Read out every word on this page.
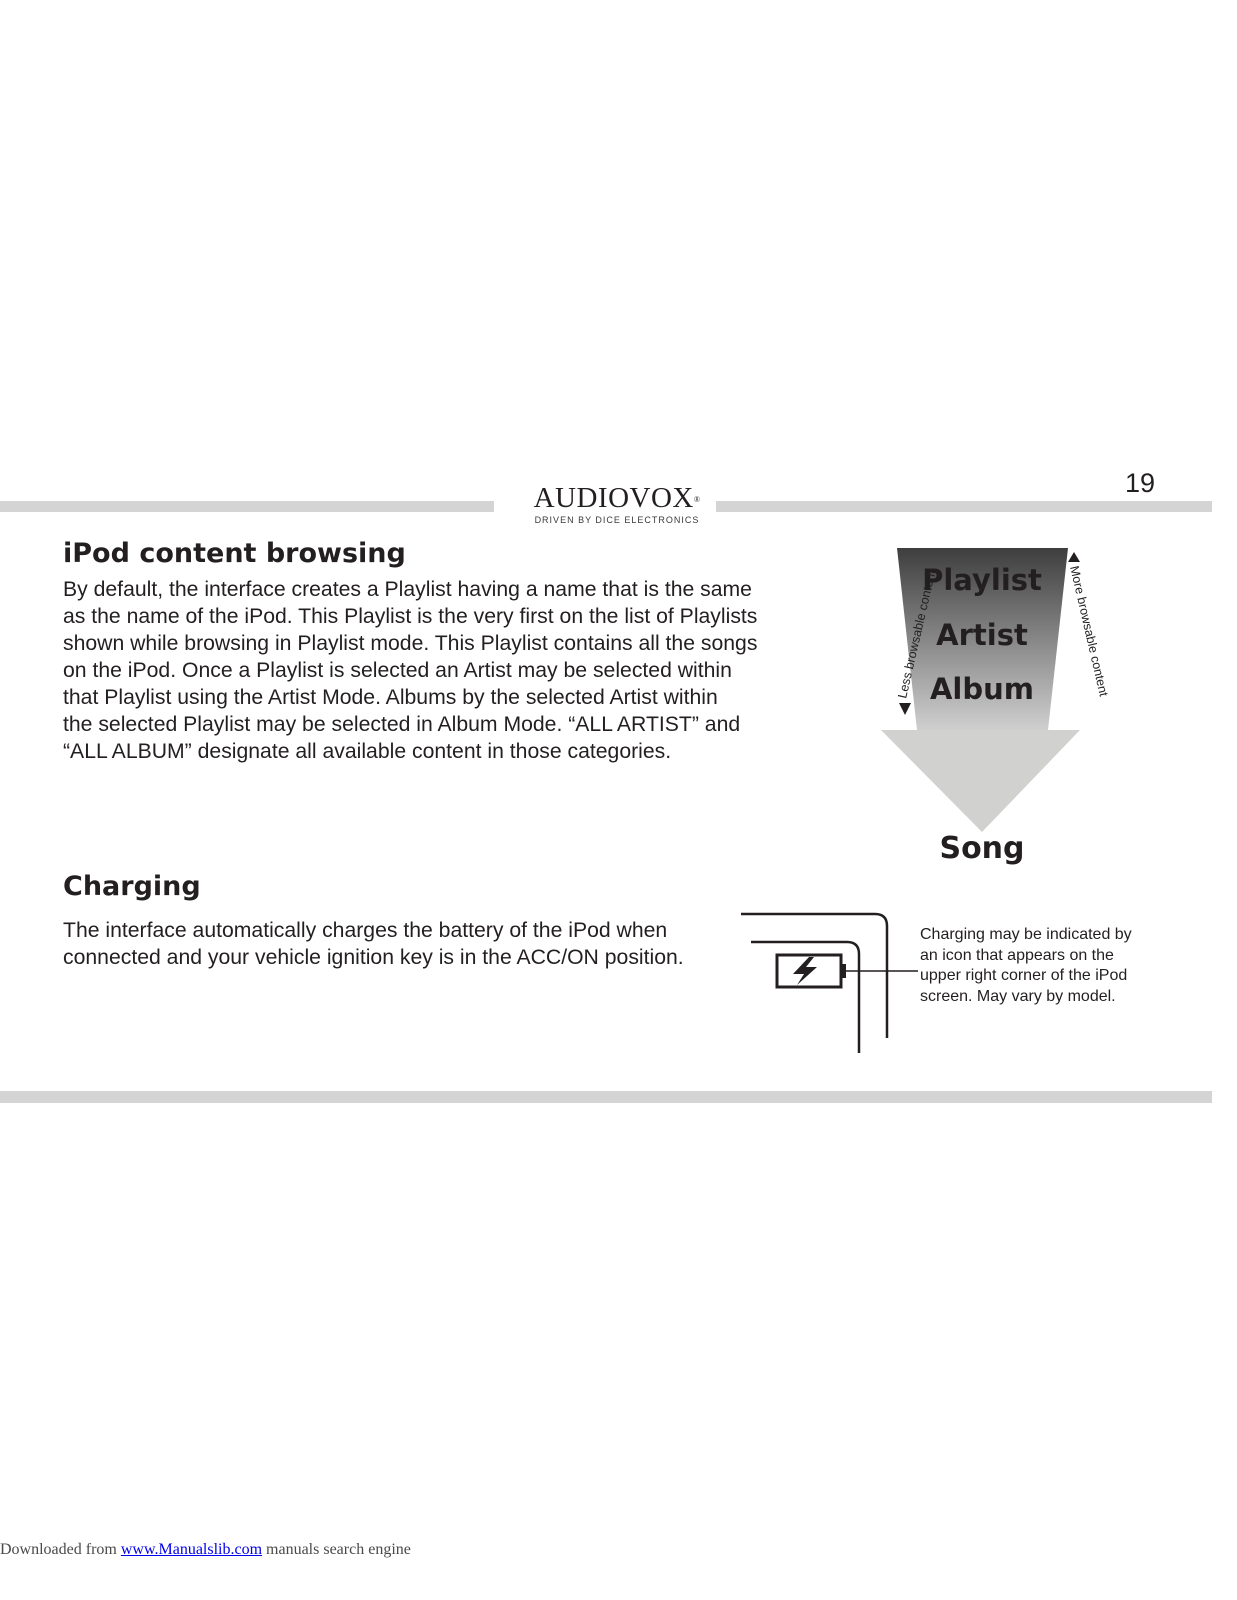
AUDIOVOX®
DRIVEN BY DICE ELECTRONICS
19
iPod content browsing
By default, the interface creates a Playlist having a name that is the same
as the name of the iPod. This Playlist is the very first on the list of Playlists
shown while browsing in Playlist mode. This Playlist contains all the songs
on the iPod. Once a Playlist is selected an Artist may be selected within
that Playlist using the Artist Mode. Albums by the selected Artist within
the selected Playlist may be selected in Album Mode. “ALL ARTIST” and
“ALL ALBUM” designate all available content in those categories.
Playlist
Artist
Album
Song
Less browsable content	More browsable content
Charging
The interface automatically charges the battery of the iPod when
connected and your vehicle ignition key is in the ACC/ON position.
Charging may be indicated by
an icon that appears on the
upper right corner of the iPod
screen. May vary by model.
Downloaded from www.Manualslib.com manuals search engine
